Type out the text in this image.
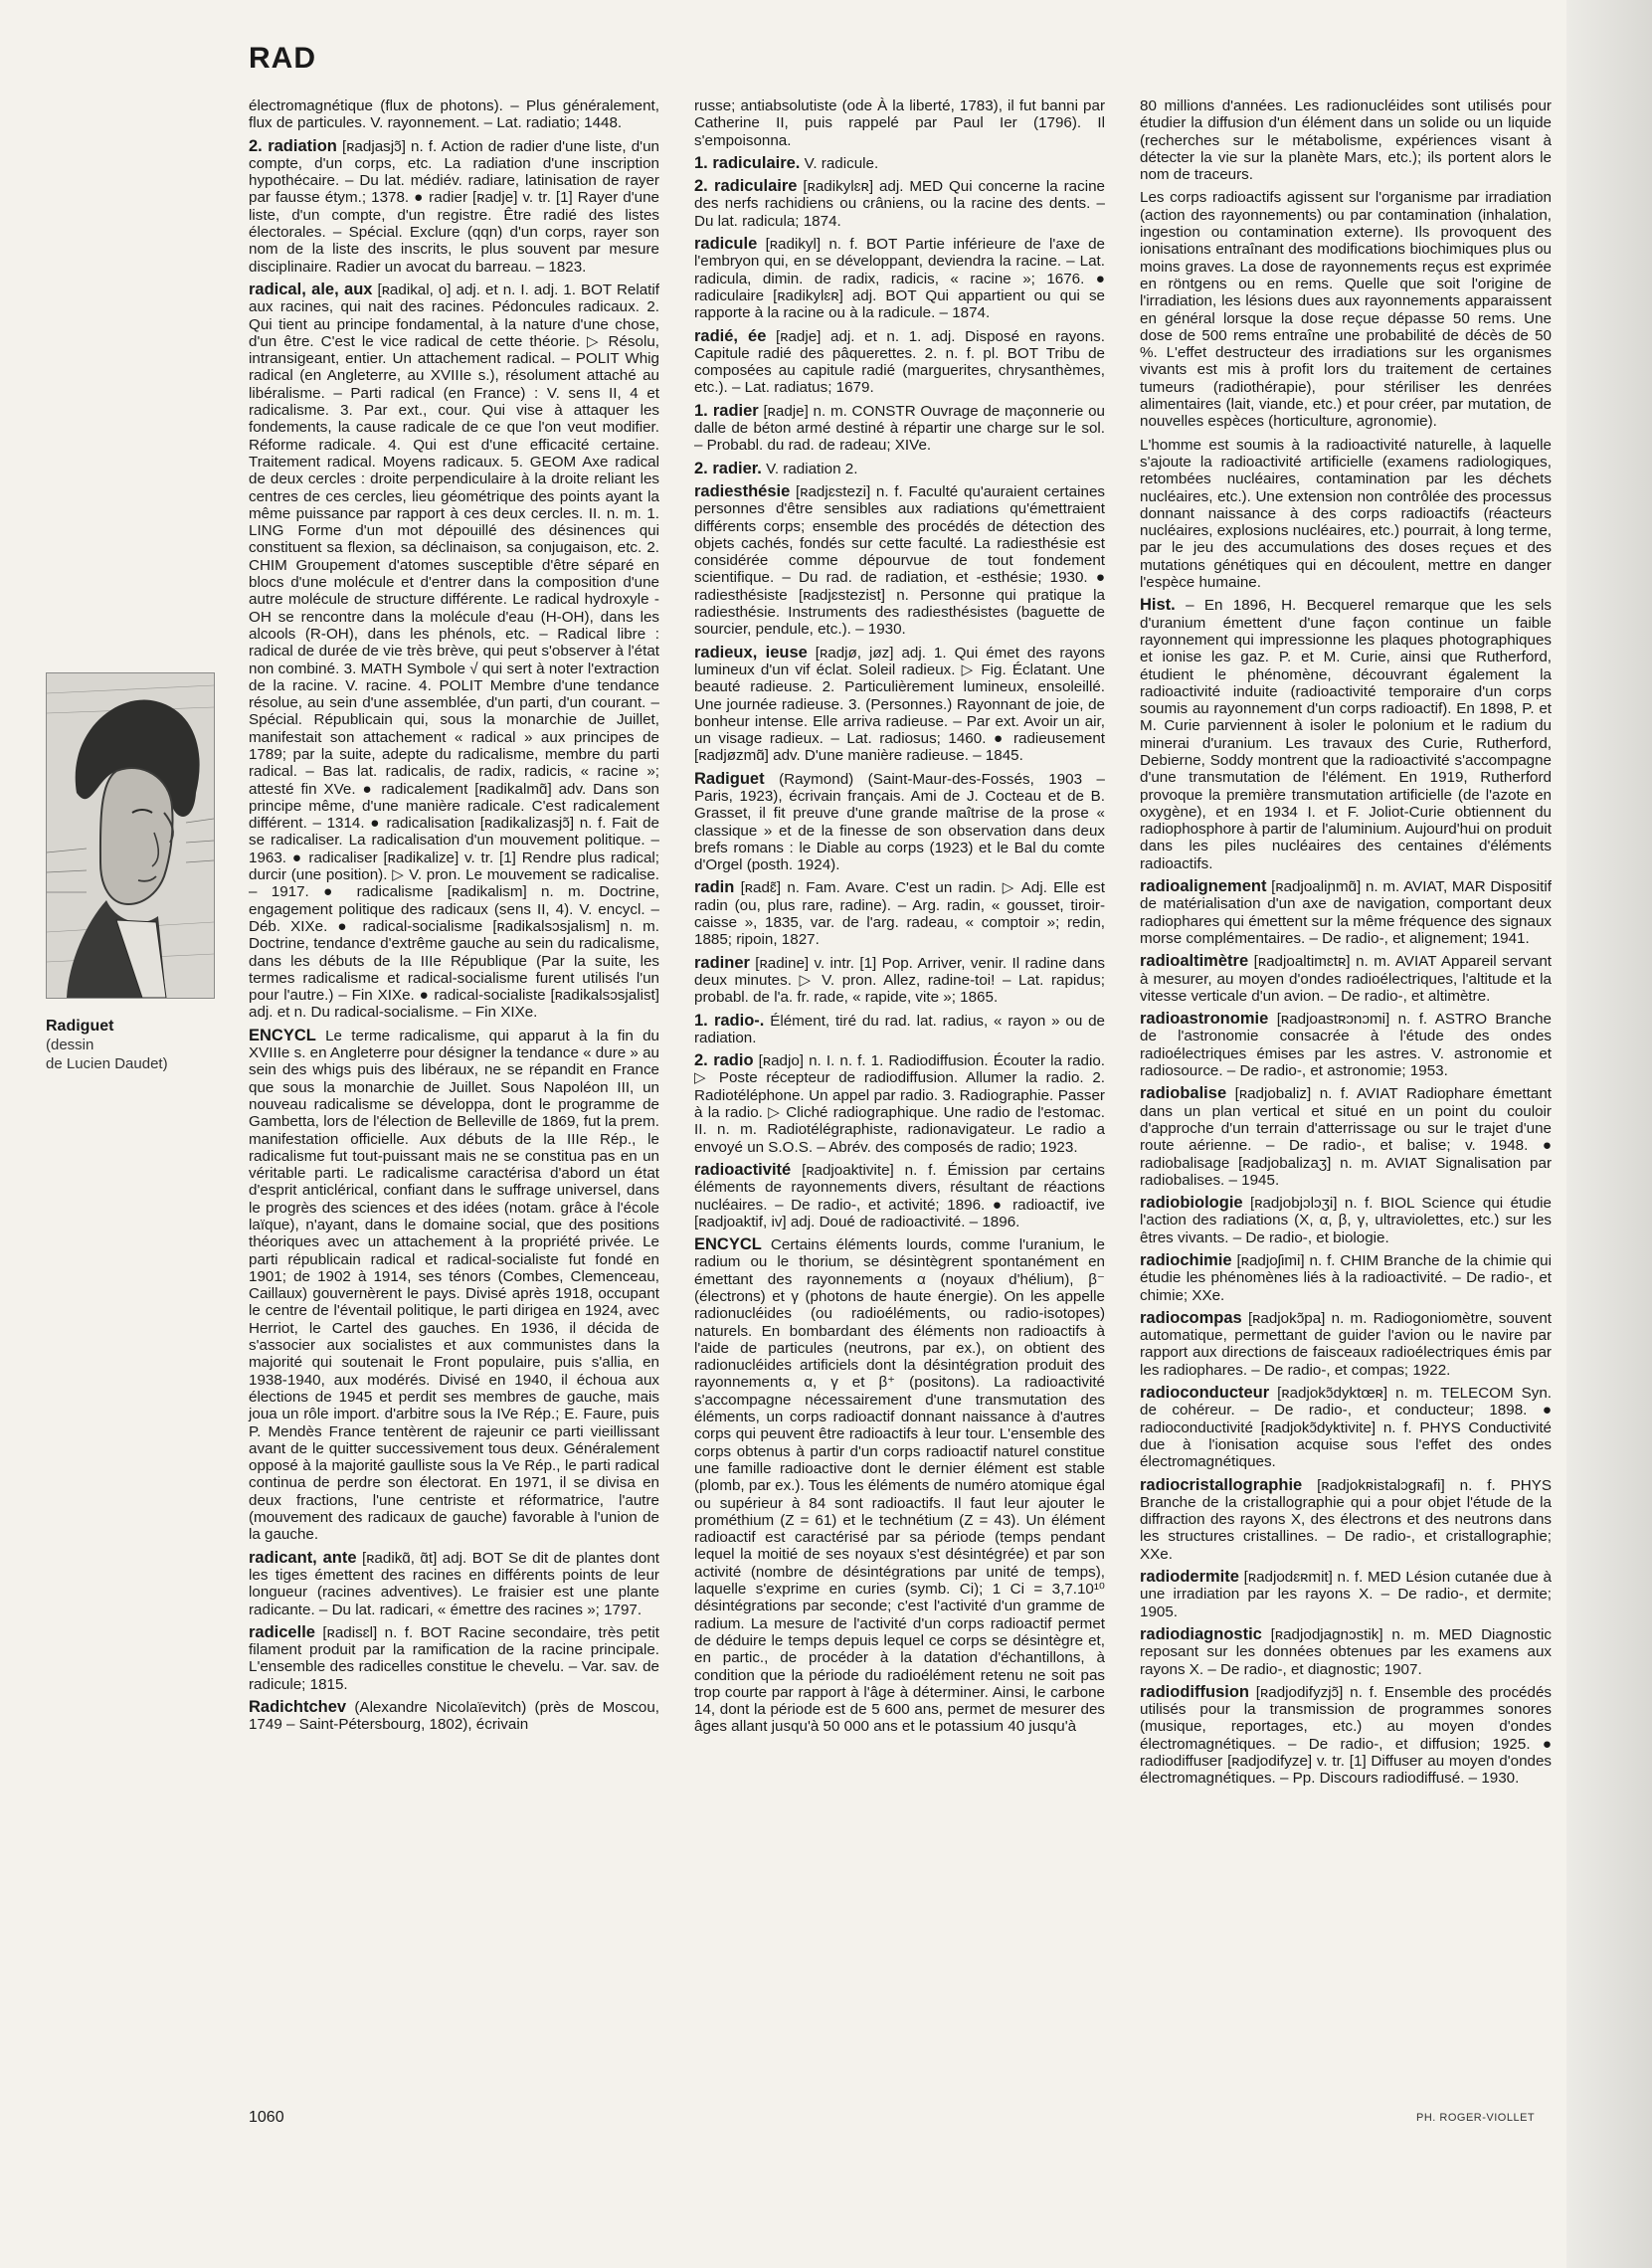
RAD
Radiguet
(dessin
de Lucien Daudet)
électromagnétique (flux de photons). – Plus généralement, flux de particules. V. rayonnement. – Lat. radiatio; 1448.
2. radiation [ʀadjasjɔ̃] n. f. Action de radier d'une liste, d'un compte, d'un corps, etc. La radiation d'une inscription hypothécaire. – Du lat. médiév. radiare, latinisation de rayer par fausse étym.; 1378. ● radier [ʀadje] v. tr. [1] Rayer d'une liste, d'un compte, d'un registre. Être radié des listes électorales. – Spécial. Exclure (qqn) d'un corps, rayer son nom de la liste des inscrits, le plus souvent par mesure disciplinaire. Radier un avocat du barreau. – 1823.
radical, ale, aux [ʀadikal, o] adj. et n. I. adj. 1. BOT Relatif aux racines, qui nait des racines. Pédoncules radicaux. 2. Qui tient au principe fondamental, à la nature d'une chose, d'un être. C'est le vice radical de cette théorie. ▷ Résolu, intransigeant, entier. Un attachement radical. – POLIT Whig radical (en Angleterre, au XVIIIe s.), résolument attaché au libéralisme. – Parti radical (en France) : V. sens II, 4 et radicalisme. 3. Par ext., cour. Qui vise à attaquer les fondements, la cause radicale de ce que l'on veut modifier. Réforme radicale. 4. Qui est d'une efficacité certaine. Traitement radical. Moyens radicaux. 5. GEOM Axe radical de deux cercles : droite perpendiculaire à la droite reliant les centres de ces cercles, lieu géométrique des points ayant la même puissance par rapport à ces deux cercles. II. n. m. 1. LING Forme d'un mot dépouillé des désinences qui constituent sa flexion, sa déclinaison, sa conjugaison, etc. 2. CHIM Groupement d'atomes susceptible d'être séparé en blocs d'une molécule et d'entrer dans la composition d'une autre molécule de structure différente. Le radical hydroxyle -OH se rencontre dans la molécule d'eau (H-OH), dans les alcools (R-OH), dans les phénols, etc. – Radical libre : radical de durée de vie très brève, qui peut s'observer à l'état non combiné. 3. MATH Symbole √ qui sert à noter l'extraction de la racine. V. racine. 4. POLIT Membre d'une tendance résolue, au sein d'une assemblée, d'un parti, d'un courant. – Spécial. Républicain qui, sous la monarchie de Juillet, manifestait son attachement « radical » aux principes de 1789; par la suite, adepte du radicalisme, membre du parti radical. – Bas lat. radicalis, de radix, radicis, « racine »; attesté fin XVe. ● radicalement [ʀadikalmɑ̃] adv. Dans son principe même, d'une manière radicale. C'est radicalement différent. – 1314. ● radicalisation [ʀadikalizasjɔ̃] n. f. Fait de se radicaliser. La radicalisation d'un mouvement politique. – 1963. ● radicaliser [ʀadikalize] v. tr. [1] Rendre plus radical; durcir (une position). ▷ V. pron. Le mouvement se radicalise. – 1917. ● radicalisme [ʀadikalism] n. m. Doctrine, engagement politique des radicaux (sens II, 4). V. encycl. – Déb. XIXe. ● radical-socialisme [ʀadikalsɔsjalism] n. m. Doctrine, tendance d'extrême gauche au sein du radicalisme, dans les débuts de la IIIe République (Par la suite, les termes radicalisme et radical-socialisme furent utilisés l'un pour l'autre.) – Fin XIXe. ● radical-socialiste [ʀadikalsɔsjalist] adj. et n. Du radical-socialisme. – Fin XIXe.
ENCYCL Le terme radicalisme, qui apparut à la fin du XVIIIe s. en Angleterre pour désigner la tendance « dure » au sein des whigs puis des libéraux, ne se répandit en France que sous la monarchie de Juillet. Sous Napoléon III, un nouveau radicalisme se développa, dont le programme de Gambetta, lors de l'élection de Belleville de 1869, fut la prem. manifestation officielle. Aux débuts de la IIIe Rép., le radicalisme fut tout-puissant mais ne se constitua pas en un véritable parti. Le radicalisme caractérisa d'abord un état d'esprit anticlérical, confiant dans le suffrage universel, dans le progrès des sciences et des idées (notam. grâce à l'école laïque), n'ayant, dans le domaine social, que des positions théoriques avec un attachement à la propriété privée. Le parti républicain radical et radical-socialiste fut fondé en 1901; de 1902 à 1914, ses ténors (Combes, Clemenceau, Caillaux) gouvernèrent le pays. Divisé après 1918, occupant le centre de l'éventail politique, le parti dirigea en 1924, avec Herriot, le Cartel des gauches. En 1936, il décida de s'associer aux socialistes et aux communistes dans la majorité qui soutenait le Front populaire, puis s'allia, en 1938-1940, aux modérés. Divisé en 1940, il échoua aux élections de 1945 et perdit ses membres de gauche, mais joua un rôle import. d'arbitre sous la IVe Rép.; E. Faure, puis P. Mendès France tentèrent de rajeunir ce parti vieillissant avant de le quitter successivement tous deux. Généralement opposé à la majorité gaulliste sous la Ve Rép., le parti radical continua de perdre son électorat. En 1971, il se divisa en deux fractions, l'une centriste et réformatrice, l'autre (mouvement des radicaux de gauche) favorable à l'union de la gauche.
radicant, ante [ʀadikɑ̃, ɑ̃t] adj. BOT Se dit de plantes dont les tiges émettent des racines en différents points de leur longueur (racines adventives). Le fraisier est une plante radicante. – Du lat. radicari, « émettre des racines »; 1797.
radicelle [ʀadisɛl] n. f. BOT Racine secondaire, très petit filament produit par la ramification de la racine principale. L'ensemble des radicelles constitue le chevelu. – Var. sav. de radicule; 1815.
Radichtchev (Alexandre Nicolaïevitch) (près de Moscou, 1749 – Saint-Pétersbourg, 1802), écrivain
russe; antiabsolutiste (ode À la liberté, 1783), il fut banni par Catherine II, puis rappelé par Paul Ier (1796). Il s'empoisonna.
1. radiculaire. V. radicule.
2. radiculaire [ʀadikylɛʀ] adj. MED Qui concerne la racine des nerfs rachidiens ou crâniens, ou la racine des dents. – Du lat. radicula; 1874.
radicule [ʀadikyl] n. f. BOT Partie inférieure de l'axe de l'embryon qui, en se développant, deviendra la racine. – Lat. radicula, dimin. de radix, radicis, « racine »; 1676. ● radiculaire [ʀadikylɛʀ] adj. BOT Qui appartient ou qui se rapporte à la racine ou à la radicule. – 1874.
radié, ée [ʀadje] adj. et n. 1. adj. Disposé en rayons. Capitule radié des pâquerettes. 2. n. f. pl. BOT Tribu de composées au capitule radié (marguerites, chrysanthèmes, etc.). – Lat. radiatus; 1679.
1. radier [ʀadje] n. m. CONSTR Ouvrage de maçonnerie ou dalle de béton armé destiné à répartir une charge sur le sol. – Probabl. du rad. de radeau; XIVe.
2. radier. V. radiation 2.
radiesthésie [ʀadjɛstezi] n. f. Faculté qu'auraient certaines personnes d'être sensibles aux radiations qu'émettraient différents corps; ensemble des procédés de détection des objets cachés, fondés sur cette faculté. La radiesthésie est considérée comme dépourvue de tout fondement scientifique. – Du rad. de radiation, et -esthésie; 1930. ● radiesthésiste [ʀadjɛstezist] n. Personne qui pratique la radiesthésie. Instruments des radiesthésistes (baguette de sourcier, pendule, etc.). – 1930.
radieux, ieuse [ʀadjø, jøz] adj. 1. Qui émet des rayons lumineux d'un vif éclat. Soleil radieux. ▷ Fig. Éclatant. Une beauté radieuse. 2. Particulièrement lumineux, ensoleillé. Une journée radieuse. 3. (Personnes.) Rayonnant de joie, de bonheur intense. Elle arriva radieuse. – Par ext. Avoir un air, un visage radieux. – Lat. radiosus; 1460. ● radieusement [ʀadjøzmɑ̃] adv. D'une manière radieuse. – 1845.
Radiguet (Raymond) (Saint-Maur-des-Fossés, 1903 – Paris, 1923), écrivain français. Ami de J. Cocteau et de B. Grasset, il fit preuve d'une grande maîtrise de la prose « classique » et de la finesse de son observation dans deux brefs romans : le Diable au corps (1923) et le Bal du comte d'Orgel (posth. 1924).
radin [ʀadɛ̃] n. Fam. Avare. C'est un radin. ▷ Adj. Elle est radin (ou, plus rare, radine). – Arg. radin, « gousset, tiroir-caisse », 1835, var. de l'arg. radeau, « comptoir »; redin, 1885; ripoin, 1827.
radiner [ʀadine] v. intr. [1] Pop. Arriver, venir. Il radine dans deux minutes. ▷ V. pron. Allez, radine-toi! – Lat. rapidus; probabl. de l'a. fr. rade, « rapide, vite »; 1865.
1. radio-. Élément, tiré du rad. lat. radius, « rayon » ou de radiation.
2. radio [ʀadjo] n. I. n. f. 1. Radiodiffusion. Écouter la radio. ▷ Poste récepteur de radiodiffusion. Allumer la radio. 2. Radiotéléphone. Un appel par radio. 3. Radiographie. Passer à la radio. ▷ Cliché radiographique. Une radio de l'estomac. II. n. m. Radiotélégraphiste, radionavigateur. Le radio a envoyé un S.O.S. – Abrév. des composés de radio; 1923.
radioactivité [ʀadjoaktivite] n. f. Émission par certains éléments de rayonnements divers, résultant de réactions nucléaires. – De radio-, et activité; 1896. ● radioactif, ive [ʀadjoaktif, iv] adj. Doué de radioactivité. – 1896.
ENCYCL Certains éléments lourds, comme l'uranium, le radium ou le thorium, se désintègrent spontanément en émettant des rayonnements α (noyaux d'hélium), β⁻ (électrons) et γ (photons de haute énergie). On les appelle radionucléides (ou radioéléments, ou radio-isotopes) naturels. En bombardant des éléments non radioactifs à l'aide de particules (neutrons, par ex.), on obtient des radionucléides artificiels dont la désintégration produit des rayonnements α, γ et β⁺ (positons). La radioactivité s'accompagne nécessairement d'une transmutation des éléments, un corps radioactif donnant naissance à d'autres corps qui peuvent être radioactifs à leur tour. L'ensemble des corps obtenus à partir d'un corps radioactif naturel constitue une famille radioactive dont le dernier élément est stable (plomb, par ex.). Tous les éléments de numéro atomique égal ou supérieur à 84 sont radioactifs. Il faut leur ajouter le prométhium (Z = 61) et le technétium (Z = 43). Un élément radioactif est caractérisé par sa période (temps pendant lequel la moitié de ses noyaux s'est désintégrée) et par son activité (nombre de désintégrations par unité de temps), laquelle s'exprime en curies (symb. Ci); 1 Ci = 3,7.10¹⁰ désintégrations par seconde; c'est l'activité d'un gramme de radium. La mesure de l'activité d'un corps radioactif permet de déduire le temps depuis lequel ce corps se désintègre et, en partic., de procéder à la datation d'échantillons, à condition que la période du radioélément retenu ne soit pas trop courte par rapport à l'âge à déterminer. Ainsi, le carbone 14, dont la période est de 5 600 ans, permet de mesurer des âges allant jusqu'à 50 000 ans et le potassium 40 jusqu'à
80 millions d'années. Les radionucléides sont utilisés pour étudier la diffusion d'un élément dans un solide ou un liquide (recherches sur le métabolisme, expériences visant à détecter la vie sur la planète Mars, etc.); ils portent alors le nom de traceurs.
Les corps radioactifs agissent sur l'organisme par irradiation (action des rayonnements) ou par contamination (inhalation, ingestion ou contamination externe). Ils provoquent des ionisations entraînant des modifications biochimiques plus ou moins graves. La dose de rayonnements reçus est exprimée en röntgens ou en rems. Quelle que soit l'origine de l'irradiation, les lésions dues aux rayonnements apparaissent en général lorsque la dose reçue dépasse 50 rems. Une dose de 500 rems entraîne une probabilité de décès de 50 %. L'effet destructeur des irradiations sur les organismes vivants est mis à profit lors du traitement de certaines tumeurs (radiothérapie), pour stériliser les denrées alimentaires (lait, viande, etc.) et pour créer, par mutation, de nouvelles espèces (horticulture, agronomie).
L'homme est soumis à la radioactivité naturelle, à laquelle s'ajoute la radioactivité artificielle (examens radiologiques, retombées nucléaires, contamination par les déchets nucléaires, etc.). Une extension non contrôlée des processus donnant naissance à des corps radioactifs (réacteurs nucléaires, explosions nucléaires, etc.) pourrait, à long terme, par le jeu des accumulations des doses reçues et des mutations génétiques qui en découlent, mettre en danger l'espèce humaine.
Hist. – En 1896, H. Becquerel remarque que les sels d'uranium émettent d'une façon continue un faible rayonnement qui impressionne les plaques photographiques et ionise les gaz. P. et M. Curie, ainsi que Rutherford, étudient le phénomène, découvrant également la radioactivité induite (radioactivité temporaire d'un corps soumis au rayonnement d'un corps radioactif). En 1898, P. et M. Curie parviennent à isoler le polonium et le radium du minerai d'uranium. Les travaux des Curie, Rutherford, Debierne, Soddy montrent que la radioactivité s'accompagne d'une transmutation de l'élément. En 1919, Rutherford provoque la première transmutation artificielle (de l'azote en oxygène), et en 1934 I. et F. Joliot-Curie obtiennent du radiophosphore à partir de l'aluminium. Aujourd'hui on produit dans les piles nucléaires des centaines d'éléments radioactifs.
radioalignement [ʀadjoaliɲmɑ̃] n. m. AVIAT, MAR Dispositif de matérialisation d'un axe de navigation, comportant deux radiophares qui émettent sur la même fréquence des signaux morse complémentaires. – De radio-, et alignement; 1941.
radioaltimètre [ʀadjoaltimɛtʀ] n. m. AVIAT Appareil servant à mesurer, au moyen d'ondes radioélectriques, l'altitude et la vitesse verticale d'un avion. – De radio-, et altimètre.
radioastronomie [ʀadjoastʀɔnɔmi] n. f. ASTRO Branche de l'astronomie consacrée à l'étude des ondes radioélectriques émises par les astres. V. astronomie et radiosource. – De radio-, et astronomie; 1953.
radiobalise [ʀadjobaliz] n. f. AVIAT Radiophare émettant dans un plan vertical et situé en un point du couloir d'approche d'un terrain d'atterrissage ou sur le trajet d'une route aérienne. – De radio-, et balise; v. 1948. ● radiobalisage [ʀadjobalizaʒ] n. m. AVIAT Signalisation par radiobalises. – 1945.
radiobiologie [ʀadjobjɔlɔʒi] n. f. BIOL Science qui étudie l'action des radiations (X, α, β, γ, ultraviolettes, etc.) sur les êtres vivants. – De radio-, et biologie.
radiochimie [ʀadjoʃimi] n. f. CHIM Branche de la chimie qui étudie les phénomènes liés à la radioactivité. – De radio-, et chimie; XXe.
radiocompas [ʀadjokɔ̃pa] n. m. Radiogoniomètre, souvent automatique, permettant de guider l'avion ou le navire par rapport aux directions de faisceaux radioélectriques émis par les radiophares. – De radio-, et compas; 1922.
radioconducteur [ʀadjokɔ̃dyktœʀ] n. m. TELECOM Syn. de cohéreur. – De radio-, et conducteur; 1898. ● radioconductivité [ʀadjokɔ̃dyktivite] n. f. PHYS Conductivité due à l'ionisation acquise sous l'effet des ondes électromagnétiques.
radiocristallographie [ʀadjokʀistalɔgʀafi] n. f. PHYS Branche de la cristallographie qui a pour objet l'étude de la diffraction des rayons X, des électrons et des neutrons dans les structures cristallines. – De radio-, et cristallographie; XXe.
radiodermite [ʀadjodɛʀmit] n. f. MED Lésion cutanée due à une irradiation par les rayons X. – De radio-, et dermite; 1905.
radiodiagnostic [ʀadjodjagnɔstik] n. m. MED Diagnostic reposant sur les données obtenues par les examens aux rayons X. – De radio-, et diagnostic; 1907.
radiodiffusion [ʀadjodifyzjɔ̃] n. f. Ensemble des procédés utilisés pour la transmission de programmes sonores (musique, reportages, etc.) au moyen d'ondes électromagnétiques. – De radio-, et diffusion; 1925. ● radiodiffuser [ʀadjodifyze] v. tr. [1] Diffuser au moyen d'ondes électromagnétiques. – Pp. Discours radiodiffusé. – 1930.
1060	PH. ROGER-VIOLLET
